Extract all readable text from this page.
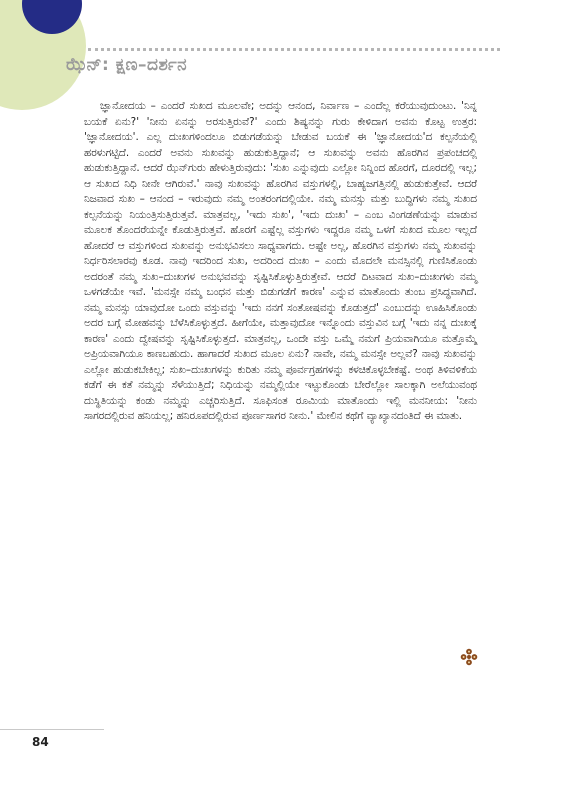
ಝೆನ್: ಕ್ಷಣ–ದರ್ಶನ

ಜ್ಞಾನೋದಯ – ಎಂದರೆ ಸುಖದ ಮೂಲವೇ; ಅದನ್ನು ಆನಂದ, ನಿರ್ವಾಣ – ಎಂದೆಲ್ಲ ಕರೆಯುವುದುಂಟು. 'ನಿನ್ನ ಬಯಕೆ ಏನು?' 'ನೀನು ಏನನ್ನು ಅರಸುತ್ತಿರುವೆ?' ಎಂದು ಶಿಷ್ಯನನ್ನು ಗುರು ಕೇಳಿದಾಗ ಅವನು ಕೊಟ್ಟ ಉತ್ತರ: 'ಜ್ಞಾನೋದಯ'. ಎಲ್ಲ ದುಃಖಗಳಿಂದಲೂ ಬಿಡುಗಡೆಯನ್ನು ಬೇಡುವ ಬಯಕೆ ಈ 'ಜ್ಞಾನೋದಯ'ದ ಕಲ್ಪನೆಯಲ್ಲಿ ಹರಳುಗಟ್ಟಿದೆ. ಎಂದರೆ ಅವನು ಸುಖವನ್ನು ಹುಡುಕುತ್ತಿದ್ದಾನೆ; ಆ ಸುಖವನ್ನು ಅವನು ಹೊರಗಿನ ಪ್ರಪಂಚದಲ್ಲಿ ಹುಡುಕುತ್ತಿದ್ದಾನೆ. ಆದರೆ ಝೆನ್‌ಗುರು ಹೇಳುತ್ತಿರುವುದು: 'ಸುಖ ಎನ್ನುವುದು ಎಲ್ಲೋ ನಿನ್ನಿಂದ ಹೊರಗೆ, ದೂರದಲ್ಲಿ ಇಲ್ಲ; ಆ ಸುಖದ ನಿಧಿ ನೀನೇ ಆಗಿರುವೆ.' ನಾವು ಸುಖವನ್ನು ಹೊರಗಿನ ವಸ್ತುಗಳಲ್ಲಿ, ಬಾಹ್ಯಜಗತ್ತಿನಲ್ಲಿ ಹುಡುಕುತ್ತೇವೆ. ಆದರೆ ನಿಜವಾದ ಸುಖ – ಆನಂದ – ಇರುವುದು ನಮ್ಮ ಅಂತರಂಗದಲ್ಲಿಯೇ. ನಮ್ಮ ಮನಸ್ಸು ಮತ್ತು ಬುದ್ಧಿಗಳು ನಮ್ಮ ಸುಖದ ಕಲ್ಪನೆಯನ್ನು ನಿಯಂತ್ರಿಸುತ್ತಿರುತ್ತವೆ. ಮಾತ್ರವಲ್ಲ, 'ಇದು ಸುಖ', 'ಇದು ದುಃಖ' – ಎಂಬ ವಿಂಗಡಣೆಯನ್ನು ಮಾಡುವ ಮೂಲಕ ತೊಂದರೆಯನ್ನೇ ಕೊಡುತ್ತಿರುತ್ತವೆ. ಹೊರಗೆ ಎಷ್ಟೆಲ್ಲ ವಸ್ತುಗಳು ಇದ್ದರೂ ನಮ್ಮ ಒಳಗೆ ಸುಖದ ಮೂಲ ಇಲ್ಲದೆ ಹೋದರೆ ಆ ವಸ್ತುಗಳಿಂದ ಸುಖವನ್ನು ಅನುಭವಿಸಲು ಸಾಧ್ಯವಾಗದು. ಅಷ್ಟೇ ಅಲ್ಲ, ಹೊರಗಿನ ವಸ್ತುಗಳು ನಮ್ಮ ಸುಖವನ್ನು ನಿರ್ಧರಿಸಲಾರವು ಕೂಡ. ನಾವು ಇದರಿಂದ ಸುಖ, ಅದರಿಂದ ದುಃಖ – ಎಂದು ಮೊದಲೇ ಮನಸ್ಸಿನಲ್ಲಿ ಗುಣಿಸಿಕೊಂಡು ಅದರಂತೆ ನಮ್ಮ ಸುಖ–ದುಃಖಗಳ ಅನುಭವವನ್ನು ಸೃಷ್ಟಿಸಿಕೊಳ್ಳುತ್ತಿರುತ್ತೇವೆ. ಆದರೆ ದಿಟವಾದ ಸುಖ–ದುಃಖಗಳು ನಮ್ಮ ಒಳಗಡೆಯೇ ಇವೆ. 'ಮನಸ್ಸೇ ನಮ್ಮ ಬಂಧನ ಮತ್ತು ಬಿಡುಗಡೆಗೆ ಕಾರಣ' ಎನ್ನುವ ಮಾತೊಂದು ತುಂಬ ಪ್ರಸಿದ್ಧವಾಗಿದೆ. ನಮ್ಮ ಮನಸ್ಸು ಯಾವುದೋ ಒಂದು ವಸ್ತುವನ್ನು 'ಇದು ನನಗೆ ಸಂತೋಷವನ್ನು ಕೊಡುತ್ತದೆ' ಎಂಬುದನ್ನು ಊಹಿಸಿಕೊಂಡು ಅದರ ಬಗ್ಗೆ ಮೋಹವನ್ನು ಬೆಳೆಸಿಕೊಳ್ಳುತ್ತದೆ. ಹೀಗೆಯೇ, ಮತ್ತಾವುದೋ ಇನ್ನೊಂದು ವಸ್ತುವಿನ ಬಗ್ಗೆ 'ಇದು ನನ್ನ ದುಃಖಕ್ಕೆ ಕಾರಣ' ಎಂದು ದ್ವೇಷವನ್ನು ಸೃಷ್ಟಿಸಿಕೊಳ್ಳುತ್ತದೆ. ಮಾತ್ರವಲ್ಲ, ಒಂದೇ ವಸ್ತು ಒಮ್ಮೆ ನಮಗೆ ಪ್ರಿಯವಾಗಿಯೂ ಮತ್ತೊಮ್ಮೆ ಅಪ್ರಿಯವಾಗಿಯೂ ಕಾಣಬಹುದು. ಹಾಗಾದರೆ ಸುಖದ ಮೂಲ ಏನು? ನಾವೇ, ನಮ್ಮ ಮನಸ್ಸೇ ಅಲ್ಲವೆ? ನಾವು ಸುಖವನ್ನು ಎಲ್ಲೋ ಹುಡುಕಬೇಕಿಲ್ಲ; ಸುಖ–ದುಃಖಗಳನ್ನು ಕುರಿತು ನಮ್ಮ ಪೂರ್ವಗ್ರಹಗಳನ್ನು ಕಳಚಿಕೊಳ್ಳಬೇಕಷ್ಟೆ. ಅಂಥ ತಿಳಿವಳಿಕೆಯ ಕಡೆಗೆ ಈ ಕತೆ ನಮ್ಮನ್ನು ಸೆಳೆಯುತ್ತಿದೆ; ನಿಧಿಯನ್ನು ನಮ್ಮಲ್ಲಿಯೇ ಇಟ್ಟುಕೊಂಡು ಬೇರೆಲ್ಲೋ ಸಾಲಕ್ಕಾಗಿ ಅಲೆಯುವಂಥ ದುಸ್ಥಿತಿಯನ್ನು ಕಂಡು ನಮ್ಮನ್ನು ಎಚ್ಚರಿಸುತ್ತಿದೆ. ಸೂಫಿಸಂತ ರೂಮಿಯ ಮಾತೊಂದು ಇಲ್ಲಿ ಮನನೀಯ: 'ನೀನು ಸಾಗರದಲ್ಲಿರುವ ಹನಿಯಲ್ಲ; ಹನಿರೂಪದಲ್ಲಿರುವ ಪೂರ್ಣಸಾಗರ ನೀನು.' ಮೇಲಿನ ಕಥೆಗೆ ವ್ಯಾಖ್ಯಾನದಂತಿದೆ ಈ ಮಾತು.

84
